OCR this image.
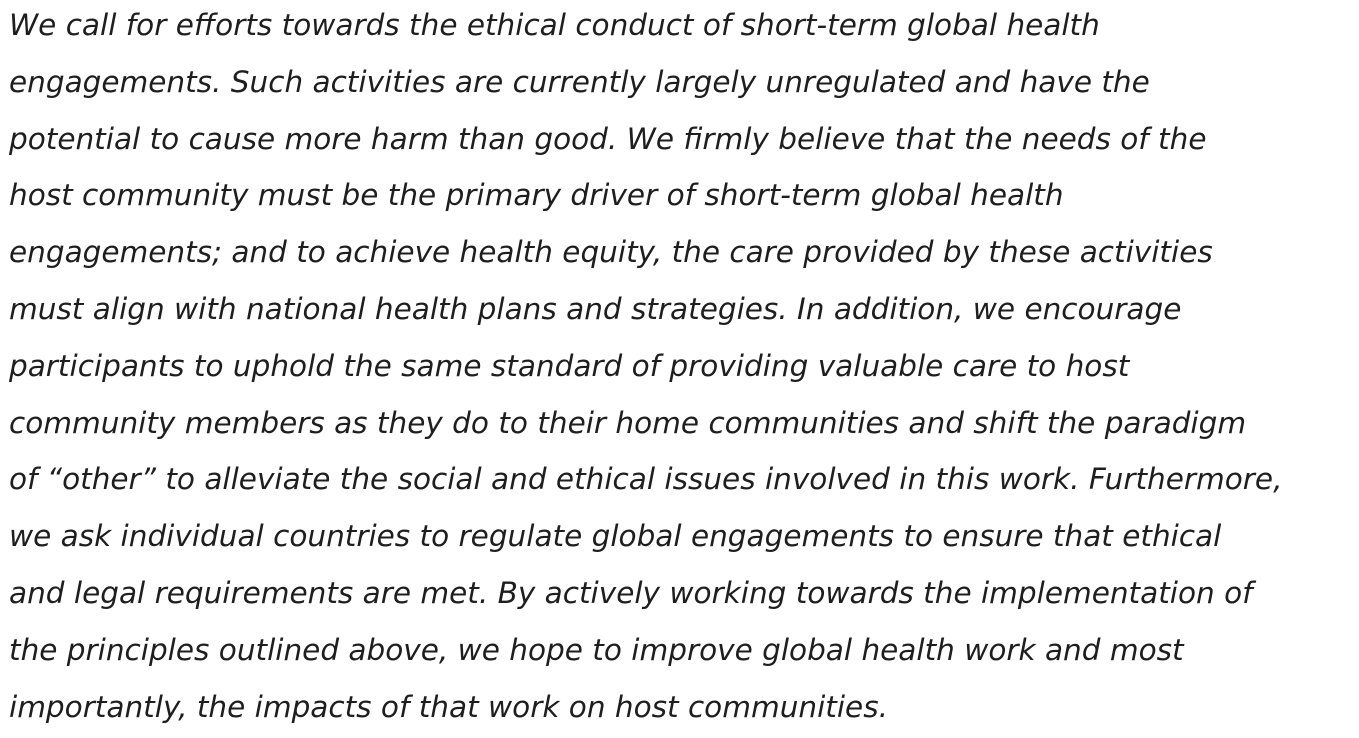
We call for efforts towards the ethical conduct of short-term global health
engagements. Such activities are currently largely unregulated and have the
potential to cause more harm than good. We firmly believe that the needs of the
host community must be the primary driver of short-term global health
engagements; and to achieve health equity, the care provided by these activities
must align with national health plans and strategies. In addition, we encourage
participants to uphold the same standard of providing valuable care to host
community members as they do to their home communities and shift the paradigm
of “other” to alleviate the social and ethical issues involved in this work. Furthermore,
we ask individual countries to regulate global engagements to ensure that ethical
and legal requirements are met. By actively working towards the implementation of
the principles outlined above, we hope to improve global health work and most
importantly, the impacts of that work on host communities.
